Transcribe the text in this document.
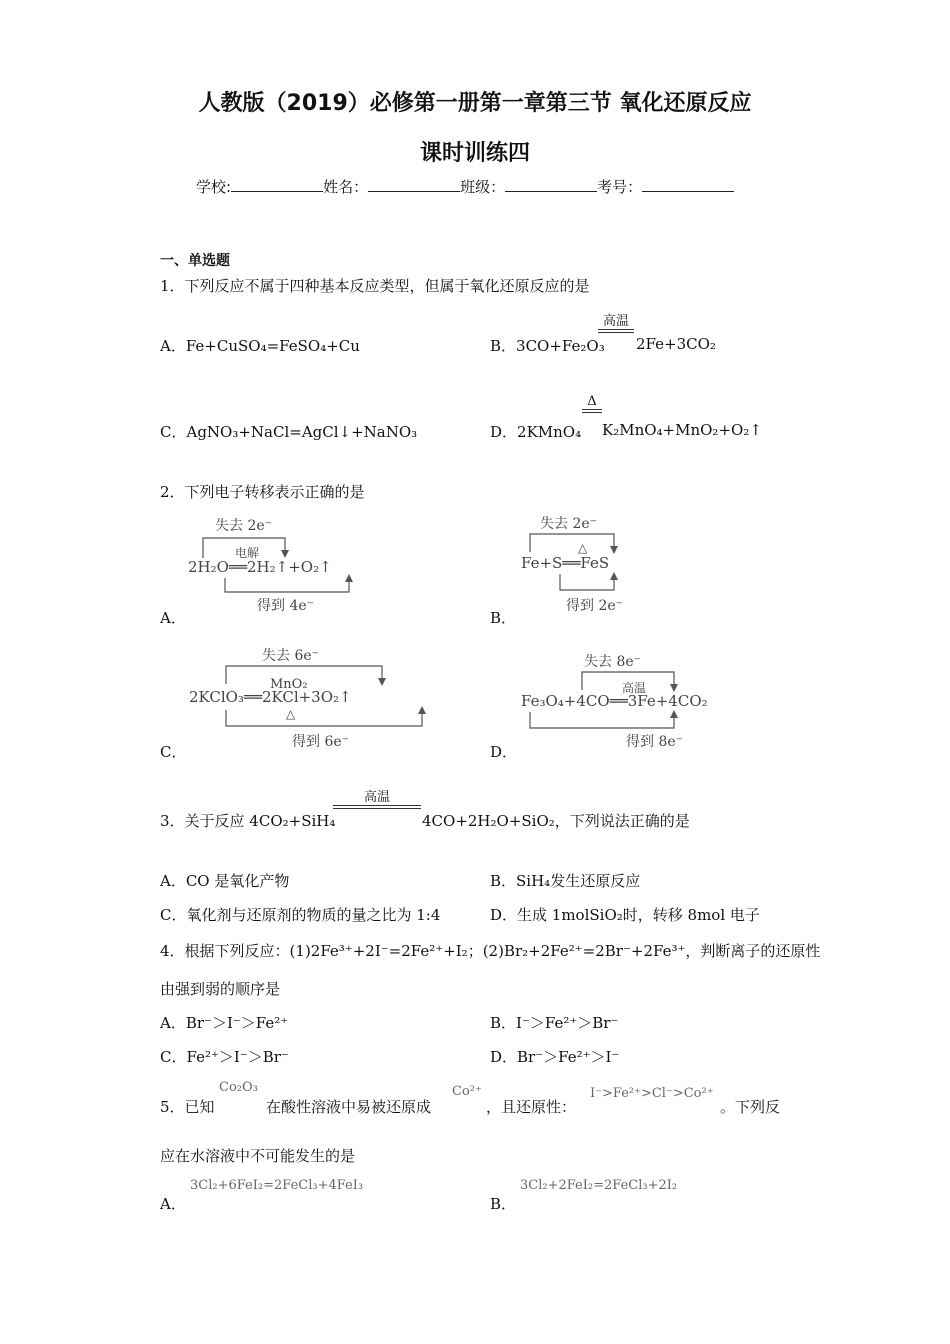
人教版（2019）必修第一册第一章第三节 氧化还原反应
课时训练四
学校:	姓名：	班级：	考号：
一、单选题
1．下列反应不属于四种基本反应类型，但属于氧化还原反应的是
A．Fe+CuSO₄=FeSO₄+Cu	B．3CO+Fe₂O₃
高温
2Fe+3CO₂
C．AgNO₃+NaCl=AgCl↓+NaNO₃	D．2KMnO₄
Δ
K₂MnO₄+MnO₂+O₂↑
2．下列电子转移表示正确的是
失去 2e⁻
电解
2H₂O══2H₂↑+O₂↑
得到 4e⁻
A．
失去 2e⁻
△
Fe+S══FeS
得到 2e⁻
B．
失去 6e⁻
MnO₂
2KClO₃══2KCl+3O₂↑
△
得到 6e⁻
C．
失去 8e⁻
高温
Fe₃O₄+4CO══3Fe+4CO₂
得到 8e⁻
D．
3．关于反应 4CO₂+SiH₄
高温
4CO+2H₂O+SiO₂，下列说法正确的是
A．CO 是氧化产物	B．SiH₄发生还原反应
C．氧化剂与还原剂的物质的量之比为 1:4	D．生成 1molSiO₂时，转移 8mol 电子
4．根据下列反应：(1)2Fe³⁺+2I⁻=2Fe²⁺+I₂；(2)Br₂+2Fe²⁺=2Br⁻+2Fe³⁺，判断离子的还原性
由强到弱的顺序是
A．Br⁻＞I⁻＞Fe²⁺	B．I⁻＞Fe²⁺＞Br⁻
C．Fe²⁺＞I⁻＞Br⁻	D．Br⁻＞Fe²⁺＞I⁻
5．已知
Co₂O₃
在酸性溶液中易被还原成
Co²⁺
，且还原性：
I⁻>Fe²⁺>Cl⁻>Co²⁺
。下列反
应在水溶液中不可能发生的是
A．
3Cl₂+6FeI₂=2FeCl₃+4FeI₃
B．
3Cl₂+2FeI₂=2FeCl₃+2I₂
